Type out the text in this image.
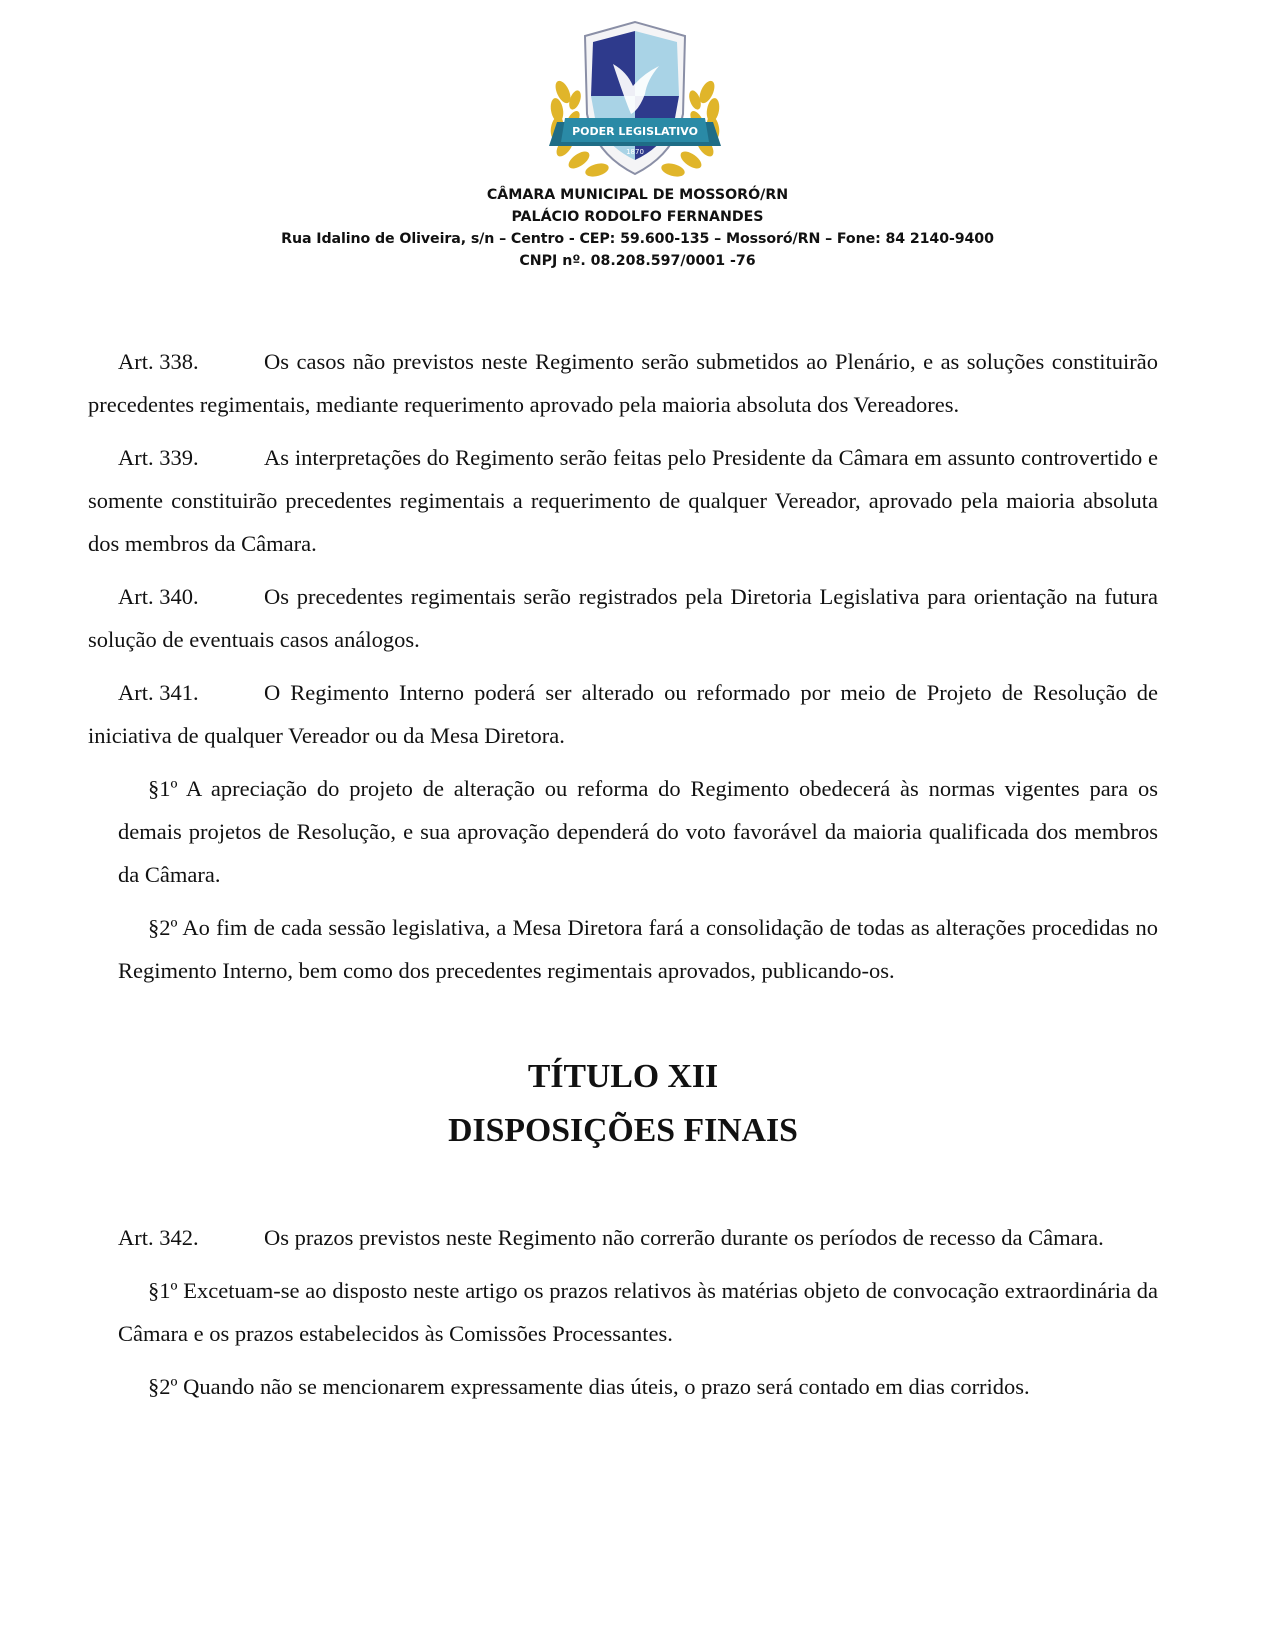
PODER LEGISLATIVO
1870
CÂMARA MUNICIPAL DE MOSSORÓ/RN
PALÁCIO RODOLFO FERNANDES
Rua Idalino de Oliveira, s/n – Centro - CEP: 59.600-135 – Mossoró/RN – Fone: 84 2140-9400
CNPJ nº. 08.208.597/0001 -76

Art. 338.	Os casos não previstos neste Regimento serão submetidos ao Plenário, e as soluções constituirão precedentes regimentais, mediante requerimento aprovado pela maioria absoluta dos Vereadores.

Art. 339.	As interpretações do Regimento serão feitas pelo Presidente da Câmara em assunto controvertido e somente constituirão precedentes regimentais a requerimento de qualquer Vereador, aprovado pela maioria absoluta dos membros da Câmara.

Art. 340.	Os precedentes regimentais serão registrados pela Diretoria Legislativa para orientação na futura solução de eventuais casos análogos.

Art. 341.	O Regimento Interno poderá ser alterado ou reformado por meio de Projeto de Resolução de iniciativa de qualquer Vereador ou da Mesa Diretora.

§1º A apreciação do projeto de alteração ou reforma do Regimento obedecerá às normas vigentes para os demais projetos de Resolução, e sua aprovação dependerá do voto favorável da maioria qualificada dos membros da Câmara.

§2º Ao fim de cada sessão legislativa, a Mesa Diretora fará a consolidação de todas as alterações procedidas no Regimento Interno, bem como dos precedentes regimentais aprovados, publicando-os.

TÍTULO XII
DISPOSIÇÕES FINAIS

Art. 342.	Os prazos previstos neste Regimento não correrão durante os períodos de recesso da Câmara.

§1º Excetuam-se ao disposto neste artigo os prazos relativos às matérias objeto de convocação extraordinária da Câmara e os prazos estabelecidos às Comissões Processantes.

§2º Quando não se mencionarem expressamente dias úteis, o prazo será contado em dias corridos.
